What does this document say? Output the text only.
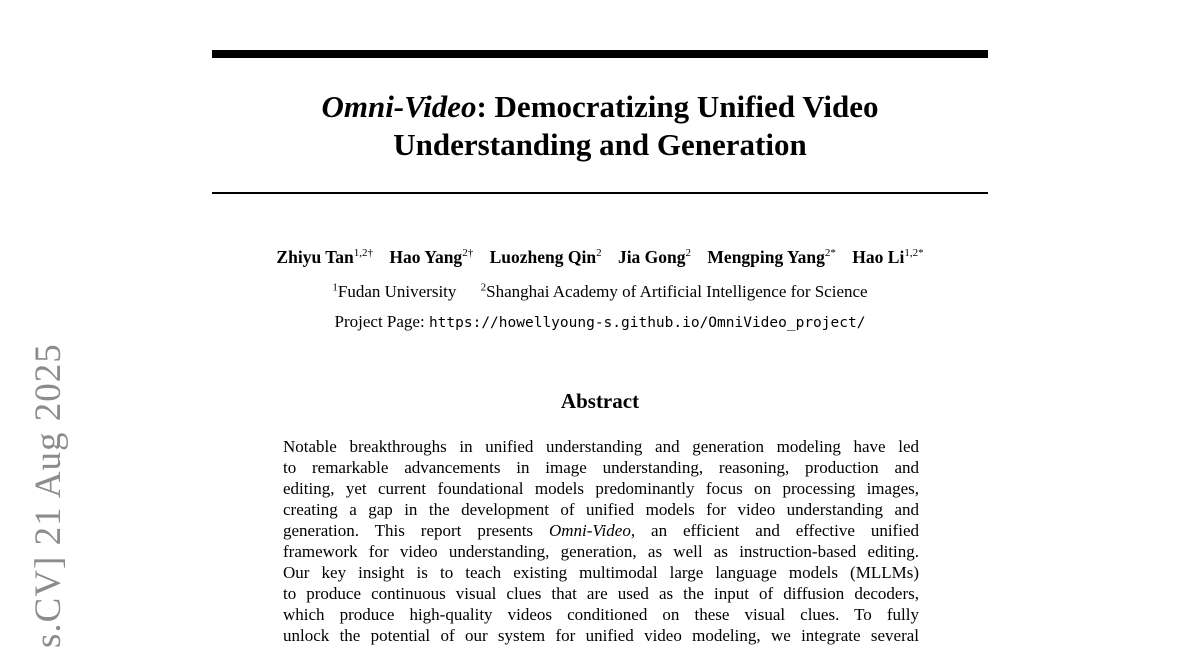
s.CV] 21 Aug 2025
Omni-Video: Democratizing Unified Video
Understanding and Generation
Zhiyu Tan$^{1,2\dagger}$ Hao Yang$^{2\dagger}$ Luozheng Qin$^2$ Jia Gong$^2$ Mengping Yang$^{2*}$ Hao $Li^{1,2*}$
$^1$Fudan University $^2$Shanghai Academy of Artificial Intelligence for Science
Project Page: https://howellyoung-s.github.io/OmniVideo_project/
Abstract
Notable breakthroughs in unified understanding and generation modeling have led
to remarkable advancements in image understanding, reasoning, production and
editing, yet current foundational models predominantly focus on processing images,
creating a gap in the development of unified models for video understanding and
generation. This report presents Omni-Video, an efficient and effective unified
framework for video understanding, generation, as well as instruction-based editing.
Our key insight is to teach existing multimodal large language models (MLLMs)
to produce continuous visual clues that are used as the input of diffusion decoders,
which produce high-quality videos conditioned on these visual clues. To fully
unlock the potential of our system for unified video modeling, we integrate several
